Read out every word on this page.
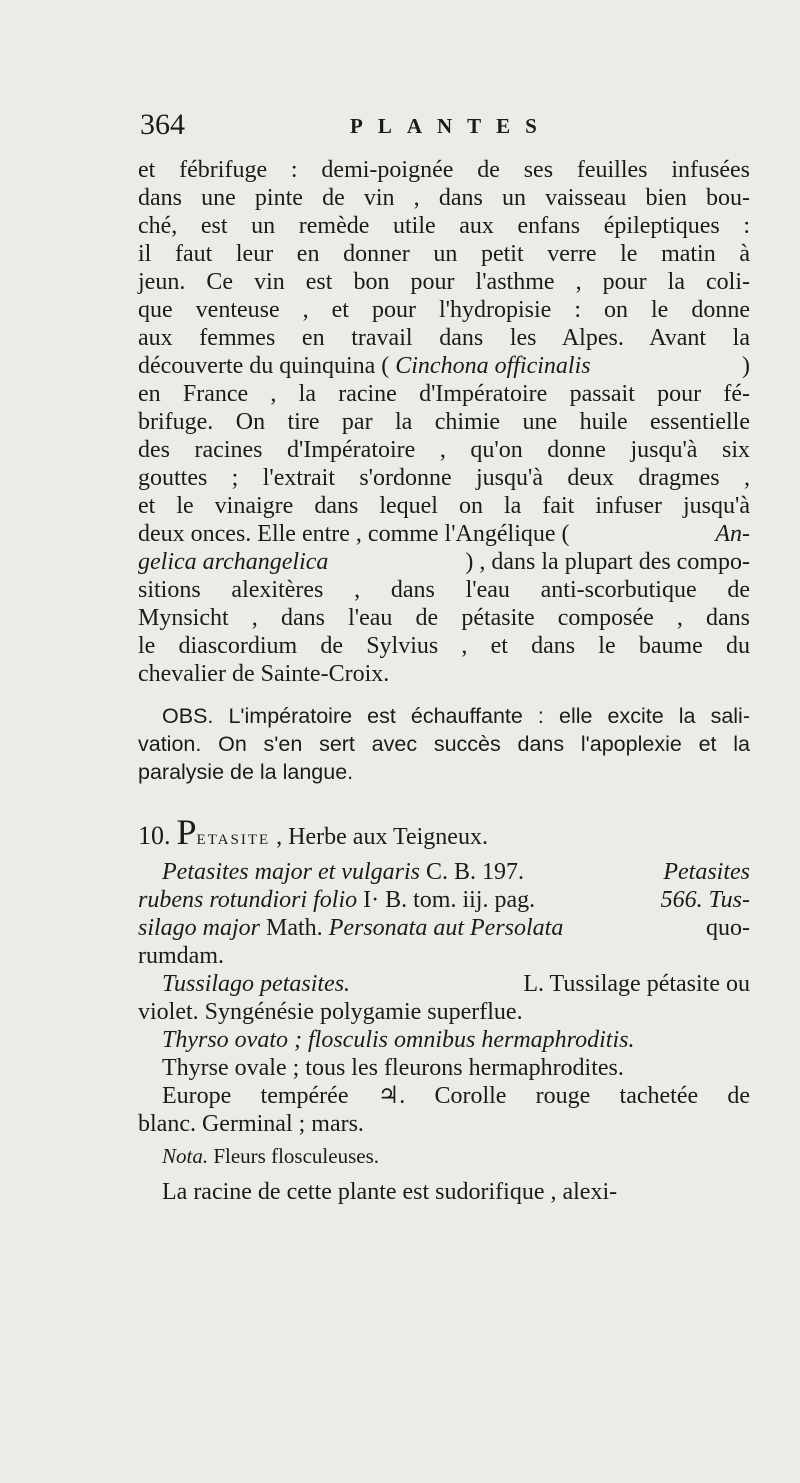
364	PLANTES
et fébrifuge : demi-poignée de ses feuilles infusées
dans une pinte de vin , dans un vaisseau bien bou-
ché, est un remède utile aux enfans épileptiques :
il faut leur en donner un petit verre le matin à
jeun. Ce vin est bon pour l'asthme , pour la coli-
que venteuse , et pour l'hydropisie : on le donne
aux femmes en travail dans les Alpes. Avant la
découverte du quinquina ( Cinchona officinalis	)
en France , la racine d'Impératoire passait pour fé-
brifuge. On tire par la chimie une huile essentielle
des racines d'Impératoire , qu'on donne jusqu'à six
gouttes ; l'extrait s'ordonne jusqu'à deux dragmes ,
et le vinaigre dans lequel on la fait infuser jusqu'à
deux onces. Elle entre , comme l'Angélique (	An-
gelica archangelica	) , dans la plupart des compo-
sitions alexitères , dans l'eau anti-scorbutique de
Mynsicht , dans l'eau de pétasite composée , dans
le diascordium de Sylvius , et dans le baume du
chevalier de Sainte-Croix.
OBS. L'impératoire est échauffante : elle excite la sali-
vation. On s'en sert avec succès dans l'apoplexie et la
paralysie de la langue.
10. PETASITE , Herbe aux Teigneux.
Petasites major et vulgaris C. B. 197.	Petasites
rubens rotundiori folio I· B. tom. iij. pag.	566. Tus-
silago major Math. Personata aut Persolata	quo-
rumdam.
Tussilago petasites.	L. Tussilage pétasite ou
violet. Syngénésie polygamie superflue.
Thyrso ovato ; flosculis omnibus hermaphroditis.
Thyrse ovale ; tous les fleurons hermaphrodites.
Europe tempérée ♃. Corolle rouge tachetée de
blanc. Germinal ; mars.
Nota. Fleurs flosculeuses.
La racine de cette plante est sudorifique , alexi-
